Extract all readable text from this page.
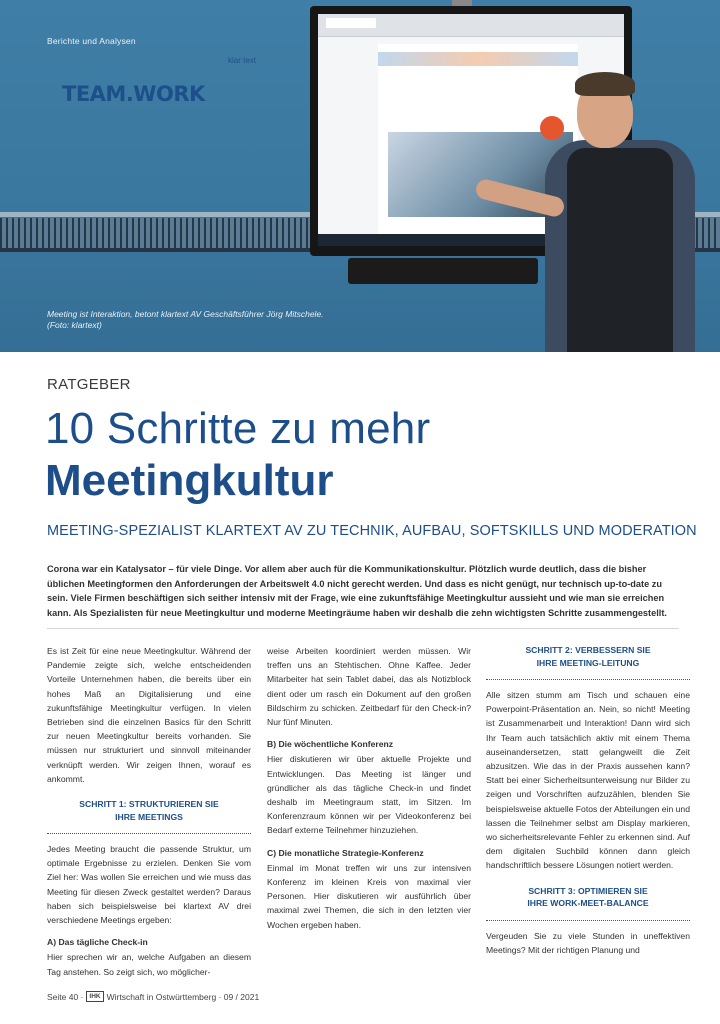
TEAM.WORK
klar text
Berichte und Analysen
Meeting ist Interaktion, betont klartext AV Geschäftsführer Jörg Mitschele.
(Foto: klartext)
RATGEBER
10 Schritte zu mehr
Meetingkultur
MEETING-SPEZIALIST KLARTEXT AV ZU TECHNIK, AUFBAU, SOFTSKILLS UND MODERATION
Corona war ein Katalysator – für viele Dinge. Vor allem aber auch für die Kommunikationskultur. Plötzlich wurde deutlich, dass die bisher üblichen Meetingformen den Anforderungen der Arbeitswelt 4.0 nicht gerecht werden. Und dass es nicht genügt, nur technisch up-to-date zu sein. Viele Firmen beschäftigen sich seither intensiv mit der Frage, wie eine zukunftsfähige Meetingkultur aussieht und wie man sie erreichen kann. Als Spezialisten für neue Meetingkultur und moderne Meetingräume haben wir deshalb die zehn wichtigsten Schritte zusammengestellt.

Es ist Zeit für eine neue Meetingkultur. Während der Pandemie zeigte sich, welche entscheidenden Vorteile Unternehmen haben, die bereits über ein hohes Maß an Digitalisierung und eine zukunftsfähige Meetingkultur verfügen. In vielen Betrieben sind die einzelnen Basics für den Schritt zur neuen Meetingkultur bereits vorhanden. Sie müssen nur strukturiert und sinnvoll miteinander verknüpft werden. Wir zeigen Ihnen, worauf es ankommt.

SCHRITT 1: STRUKTURIEREN SIE
IHRE MEETINGS

Jedes Meeting braucht die passende Struktur, um optimale Ergebnisse zu erzielen. Denken Sie vom Ziel her: Was wollen Sie erreichen und wie muss das Meeting für diesen Zweck gestaltet werden? Daraus haben sich beispielsweise bei klartext AV drei verschiedene Meetings ergeben:

A) Das tägliche Check-in

Hier sprechen wir an, welche Aufgaben an diesem Tag anstehen. So zeigt sich, wo möglicher-

weise Arbeiten koordiniert werden müssen. Wir treffen uns an Stehtischen. Ohne Kaffee. Jeder Mitarbeiter hat sein Tablet dabei, das als Notizblock dient oder um rasch ein Dokument auf den großen Bildschirm zu schicken. Zeitbedarf für den Check-in? Nur fünf Minuten.

B) Die wöchentliche Konferenz

Hier diskutieren wir über aktuelle Projekte und Entwicklungen. Das Meeting ist länger und gründlicher als das tägliche Check-in und findet deshalb im Meetingraum statt, im Sitzen. Im Konferenzraum können wir per Videokonferenz bei Bedarf externe Teilnehmer hinzuziehen.

C) Die monatliche Strategie-Konferenz

Einmal im Monat treffen wir uns zur intensiven Konferenz im kleinen Kreis von maximal vier Personen. Hier diskutieren wir ausführlich über maximal zwei Themen, die sich in den letzten vier Wochen ergeben haben.

SCHRITT 2: VERBESSERN SIE
IHRE MEETING-LEITUNG

Alle sitzen stumm am Tisch und schauen eine Powerpoint-Präsentation an. Nein, so nicht! Meeting ist Zusammenarbeit und Interaktion! Dann wird sich Ihr Team auch tatsächlich aktiv mit einem Thema auseinandersetzen, statt gelangweilt die Zeit abzusitzen. Wie das in der Praxis aussehen kann? Statt bei einer Sicherheitsunterweisung nur Bilder zu zeigen und Vorschriften aufzuzählen, blenden Sie beispielsweise aktuelle Fotos der Abteilungen ein und lassen die Teilnehmer selbst am Display markieren, wo sicherheitsrelevante Fehler zu erkennen sind. Auf dem digitalen Suchbild können dann gleich handschriftlich bessere Lösungen notiert werden.

SCHRITT 3: OPTIMIEREN SIE
IHRE WORK-MEET-BALANCE

Vergeuden Sie zu viele Stunden in uneffektiven Meetings? Mit der richtigen Planung und

Seite 40 · IHK Wirtschaft in Ostwürttemberg · 09 / 2021
